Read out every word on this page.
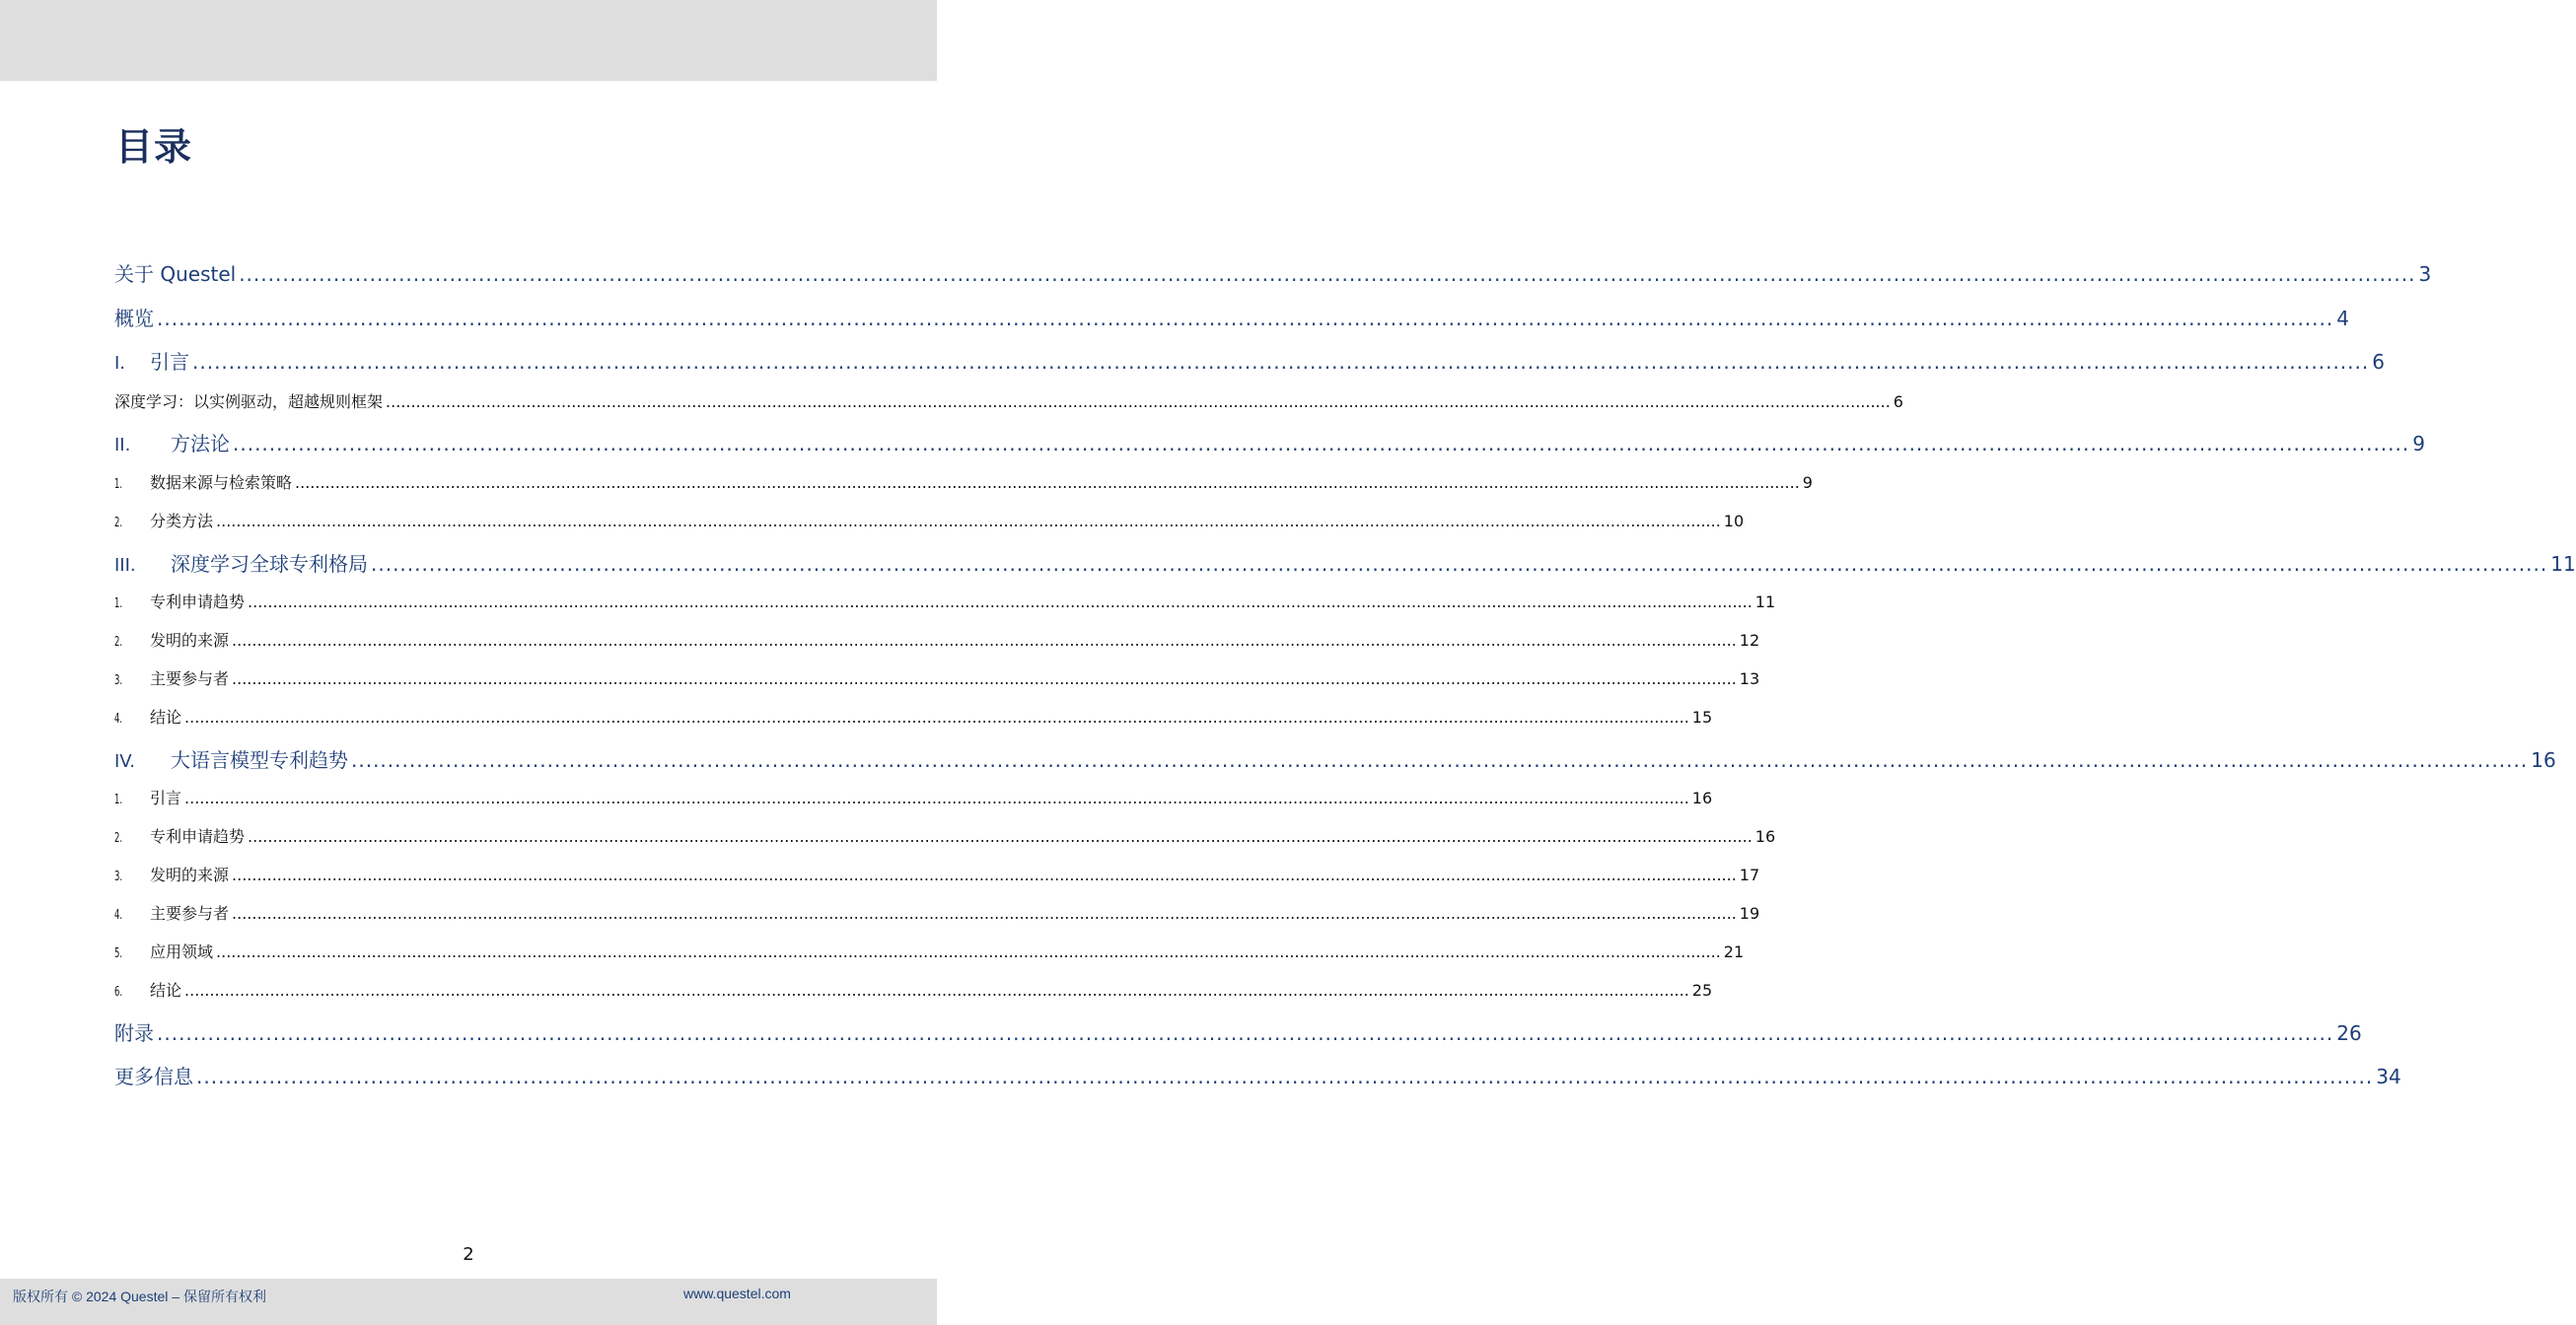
目录
关于 Questel ............................................................................................................................................................................................................................................................................................................ 3
概览 ............................................................................................................................................................................................................................................................................................................ 4
I.	引言 ............................................................................................................................................................................................................................................................................................................ 6
深度学习：以实例驱动，超越规则框架 ............................................................................................................................................................................................................................................................................................................ 6
II.	方法论 ............................................................................................................................................................................................................................................................................................................ 9
1.	数据来源与检索策略 ............................................................................................................................................................................................................................................................................................................ 9
2.	分类方法 ............................................................................................................................................................................................................................................................................................................ 10
III.	深度学习全球专利格局 ............................................................................................................................................................................................................................................................................................................ 11
1.	专利申请趋势 ............................................................................................................................................................................................................................................................................................................ 11
2.	发明的来源 ............................................................................................................................................................................................................................................................................................................ 12
3.	主要参与者 ............................................................................................................................................................................................................................................................................................................ 13
4.	结论 ............................................................................................................................................................................................................................................................................................................ 15
IV.	大语言模型专利趋势 ............................................................................................................................................................................................................................................................................................................ 16
1.	引言 ............................................................................................................................................................................................................................................................................................................ 16
2.	专利申请趋势 ............................................................................................................................................................................................................................................................................................................ 16
3.	发明的来源 ............................................................................................................................................................................................................................................................................................................ 17
4.	主要参与者 ............................................................................................................................................................................................................................................................................................................ 19
5.	应用领域 ............................................................................................................................................................................................................................................................................................................ 21
6.	结论 ............................................................................................................................................................................................................................................................................................................ 25
附录 ............................................................................................................................................................................................................................................................................................................ 26
更多信息 ............................................................................................................................................................................................................................................................................................................ 34
2
版权所有 © 2024 Questel – 保留所有权利	www.questel.com
